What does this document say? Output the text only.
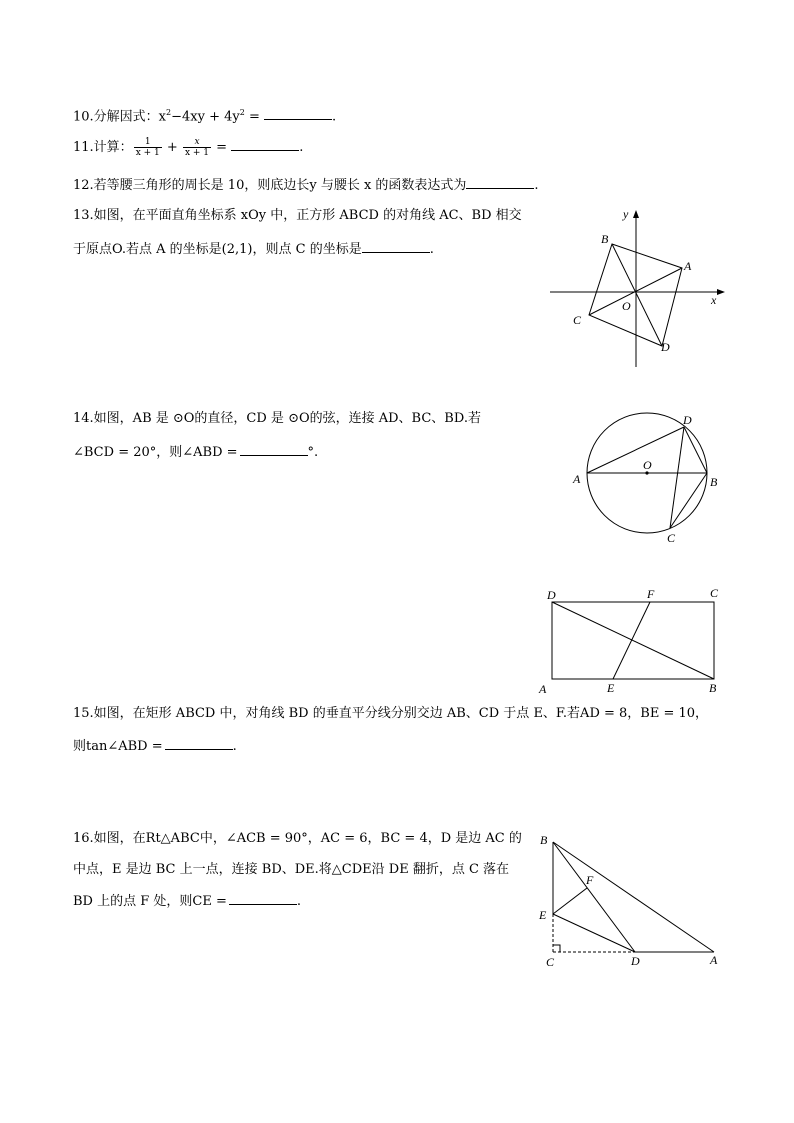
10.分解因式：$x^2-4xy + 4y^2$ =	.
11.计算： $\frac{1}{x + 1} + \frac{x}{x + 1}$ =	.
12.若等腰三角形的周长是 10，则底边长y 与腰长 x 的函数表达式为	.
13.如图，在平面直角坐标系 xOy 中，正方形 ABCD 的对角线 AC、BD 相交
于原点O.若点 A 的坐标是(2,1)，则点 C 的坐标是	.
A
B
C
D
O	x
y
14.如图，AB 是 ⊙O的直径，CD 是 ⊙O的弦，连接 AD、BC、BD.若
∠BCD = 20°，则∠ABD =	°.
A	B
C
D
O
A	B
C
D
E
F
15.如图，在矩形 ABCD 中，对角线 BD 的垂直平分线分别交边 AB、CD 于点 E、F.若AD = 8，BE = 10，
则tan∠ABD =	.
16.如图，在Rt△ABC中，∠ACB = 90°，AC = 6，BC = 4，D 是边 AC 的
中点，E 是边 BC 上一点，连接 BD、DE.将△CDE沿 DE 翻折，点 C 落在
BD 上的点 F 处，则CE =	.
A
B
C	D
E
F
